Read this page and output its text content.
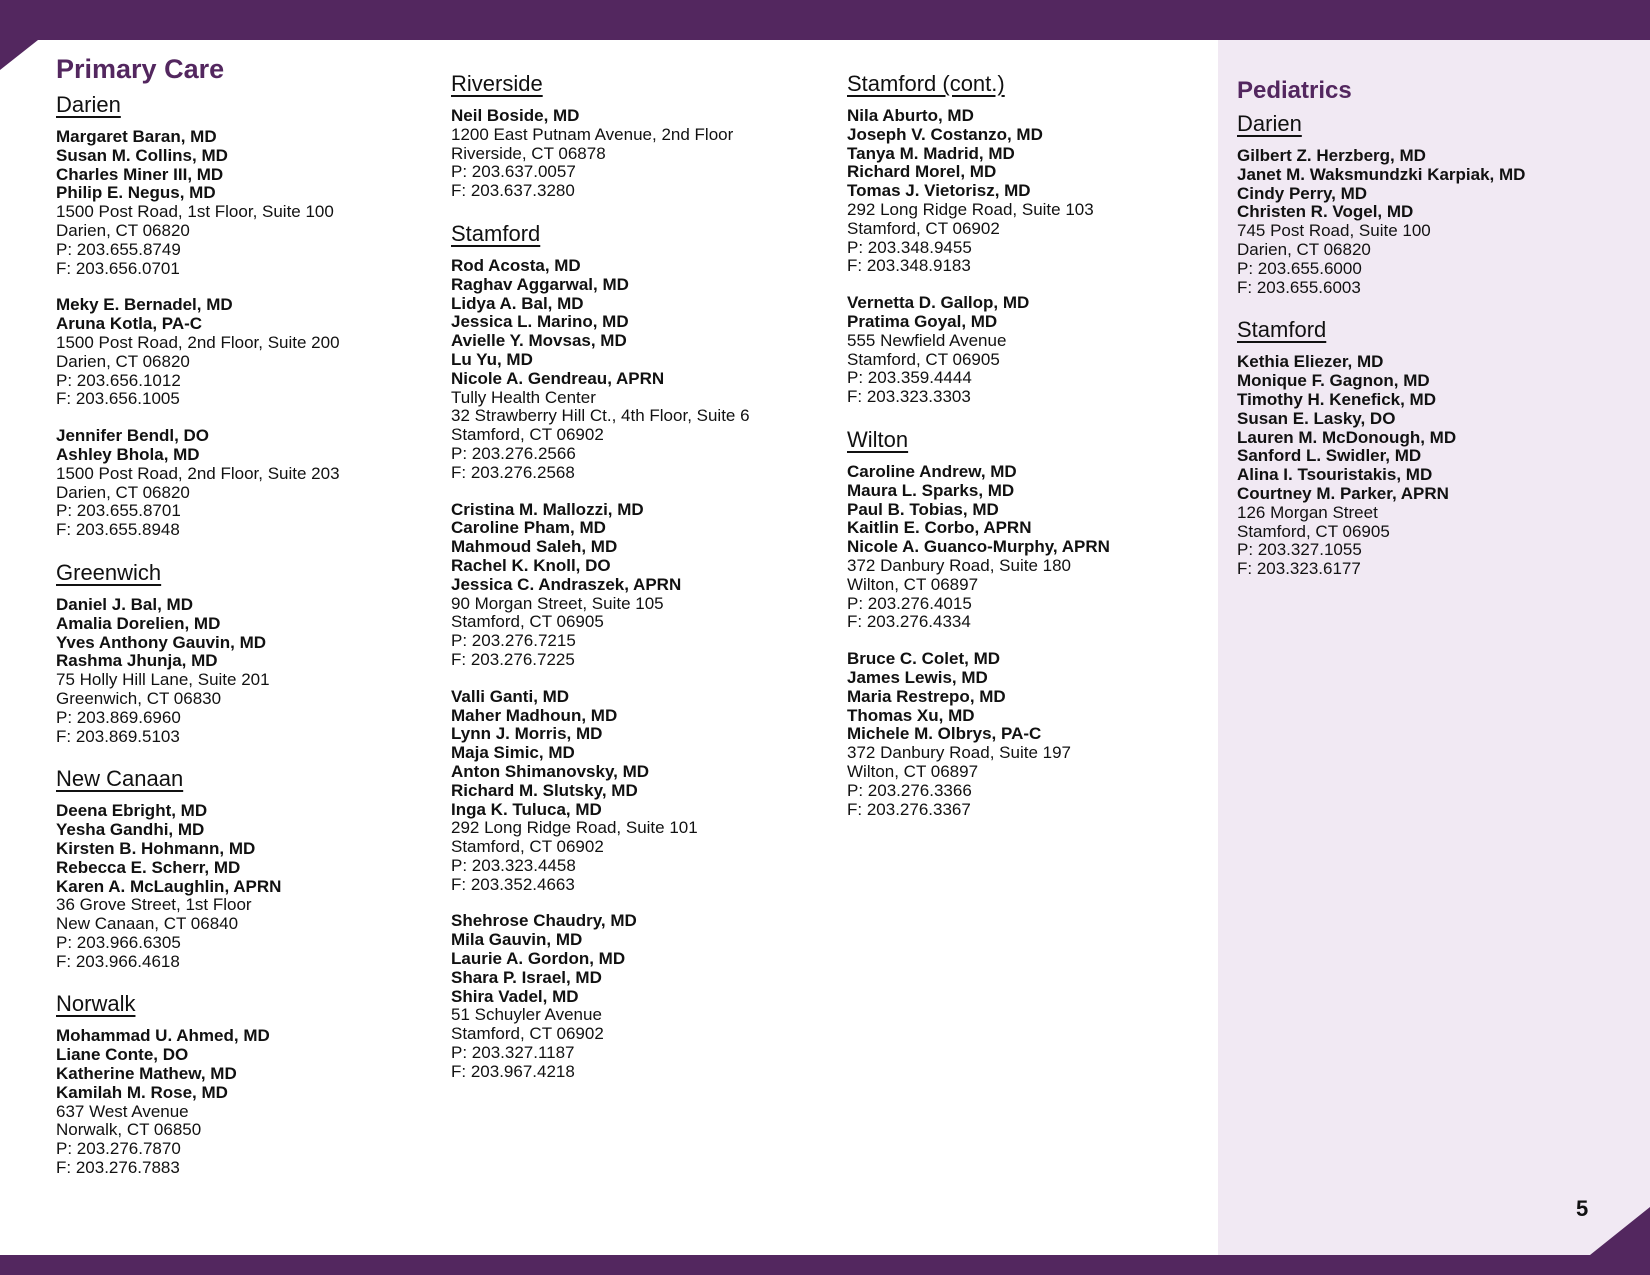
Primary Care
Darien
Margaret Baran, MD
Susan M. Collins, MD
Charles Miner III, MD
Philip E. Negus, MD
1500 Post Road, 1st Floor, Suite 100
Darien, CT 06820
P: 203.655.8749
F: 203.656.0701
Meky E. Bernadel, MD
Aruna Kotla, PA-C
1500 Post Road, 2nd Floor, Suite 200
Darien, CT 06820
P: 203.656.1012
F: 203.656.1005
Jennifer Bendl, DO
Ashley Bhola, MD
1500 Post Road, 2nd Floor, Suite 203
Darien, CT 06820
P: 203.655.8701
F: 203.655.8948
Greenwich
Daniel J. Bal, MD
Amalia Dorelien, MD
Yves Anthony Gauvin, MD
Rashma Jhunja, MD
75 Holly Hill Lane, Suite 201
Greenwich, CT 06830
P: 203.869.6960
F: 203.869.5103
New Canaan
Deena Ebright, MD
Yesha Gandhi, MD
Kirsten B. Hohmann, MD
Rebecca E. Scherr, MD
Karen A. McLaughlin, APRN
36 Grove Street, 1st Floor
New Canaan, CT 06840
P: 203.966.6305
F: 203.966.4618
Norwalk
Mohammad U. Ahmed, MD
Liane Conte, DO
Katherine Mathew, MD
Kamilah M. Rose, MD
637 West Avenue
Norwalk, CT 06850
P: 203.276.7870
F: 203.276.7883
Riverside
Neil Boside, MD
1200 East Putnam Avenue, 2nd Floor
Riverside, CT 06878
P: 203.637.0057
F: 203.637.3280
Stamford
Rod Acosta, MD
Raghav Aggarwal, MD
Lidya A. Bal, MD
Jessica L. Marino, MD
Avielle Y. Movsas, MD
Lu Yu, MD
Nicole A. Gendreau, APRN
Tully Health Center
32 Strawberry Hill Ct., 4th Floor, Suite 6
Stamford, CT 06902
P: 203.276.2566
F: 203.276.2568
Cristina M. Mallozzi, MD
Caroline Pham, MD
Mahmoud Saleh, MD
Rachel K. Knoll, DO
Jessica C. Andraszek, APRN
90 Morgan Street, Suite 105
Stamford, CT 06905
P: 203.276.7215
F: 203.276.7225
Valli Ganti, MD
Maher Madhoun, MD
Lynn J. Morris, MD
Maja Simic, MD
Anton Shimanovsky, MD
Richard M. Slutsky, MD
Inga K. Tuluca, MD
292 Long Ridge Road, Suite 101
Stamford, CT 06902
P: 203.323.4458
F: 203.352.4663
Shehrose Chaudry, MD
Mila Gauvin, MD
Laurie A. Gordon, MD
Shara P. Israel, MD
Shira Vadel, MD
51 Schuyler Avenue
Stamford, CT 06902
P: 203.327.1187
F: 203.967.4218
Stamford (cont.)
Nila Aburto, MD
Joseph V. Costanzo, MD
Tanya M. Madrid, MD
Richard Morel, MD
Tomas J. Vietorisz, MD
292 Long Ridge Road, Suite 103
Stamford, CT 06902
P: 203.348.9455
F: 203.348.9183
Vernetta D. Gallop, MD
Pratima Goyal, MD
555 Newfield Avenue
Stamford, CT 06905
P: 203.359.4444
F: 203.323.3303
Wilton
Caroline Andrew, MD
Maura L. Sparks, MD
Paul B. Tobias, MD
Kaitlin E. Corbo, APRN
Nicole A. Guanco-Murphy, APRN
372 Danbury Road, Suite 180
Wilton, CT 06897
P: 203.276.4015
F: 203.276.4334
Bruce C. Colet, MD
James Lewis, MD
Maria Restrepo, MD
Thomas Xu, MD
Michele M. Olbrys, PA-C
372 Danbury Road, Suite 197
Wilton, CT 06897
P: 203.276.3366
F: 203.276.3367
Pediatrics
Darien
Gilbert Z. Herzberg, MD
Janet M. Waksmundzki Karpiak, MD
Cindy Perry, MD
Christen R. Vogel, MD
745 Post Road, Suite 100
Darien, CT 06820
P: 203.655.6000
F: 203.655.6003
Stamford
Kethia Eliezer, MD
Monique F. Gagnon, MD
Timothy H. Kenefick, MD
Susan E. Lasky, DO
Lauren M. McDonough, MD
Sanford L. Swidler, MD
Alina I. Tsouristakis, MD
Courtney M. Parker, APRN
126 Morgan Street
Stamford, CT 06905
P: 203.327.1055
F: 203.323.6177
5
